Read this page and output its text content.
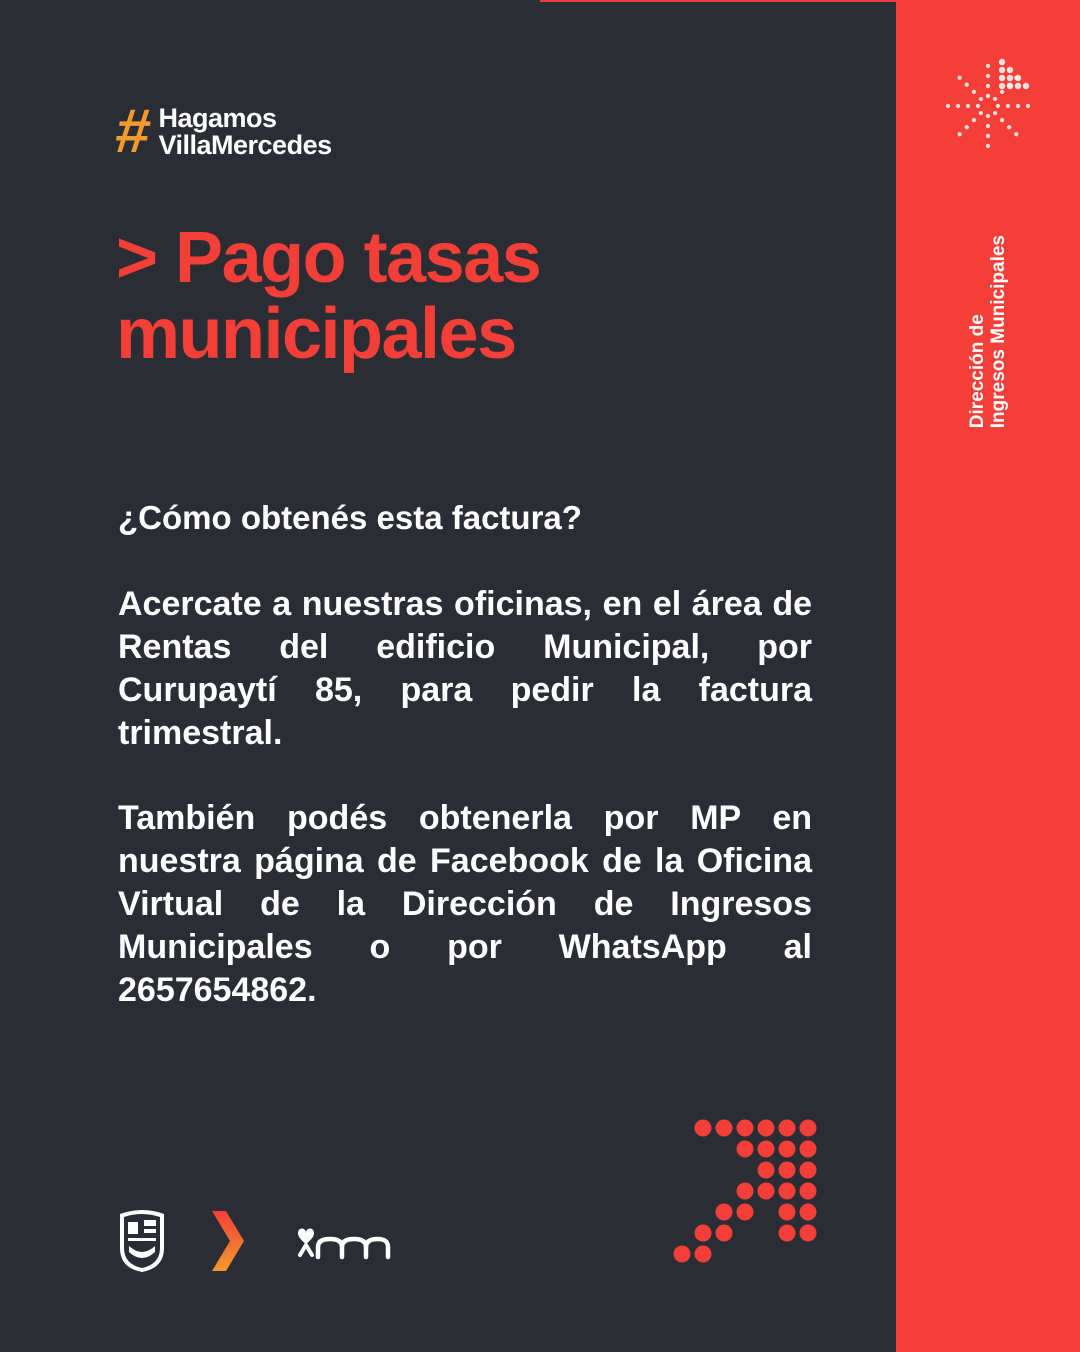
# Hagamos
VillaMercedes
> Pago tasas
municipales

¿Cómo obtenés esta factura?

Acercate a nuestras oficinas, en el área de Rentas del edificio Municipal, por Curupaytí 85, para pedir la factura trimestral.

También podés obtenerla por MP en nuestra página de Facebook de la Oficina Virtual de la Dirección de Ingresos Municipales o por WhatsApp al 2657654862.

Dirección de Ingresos Municipales
